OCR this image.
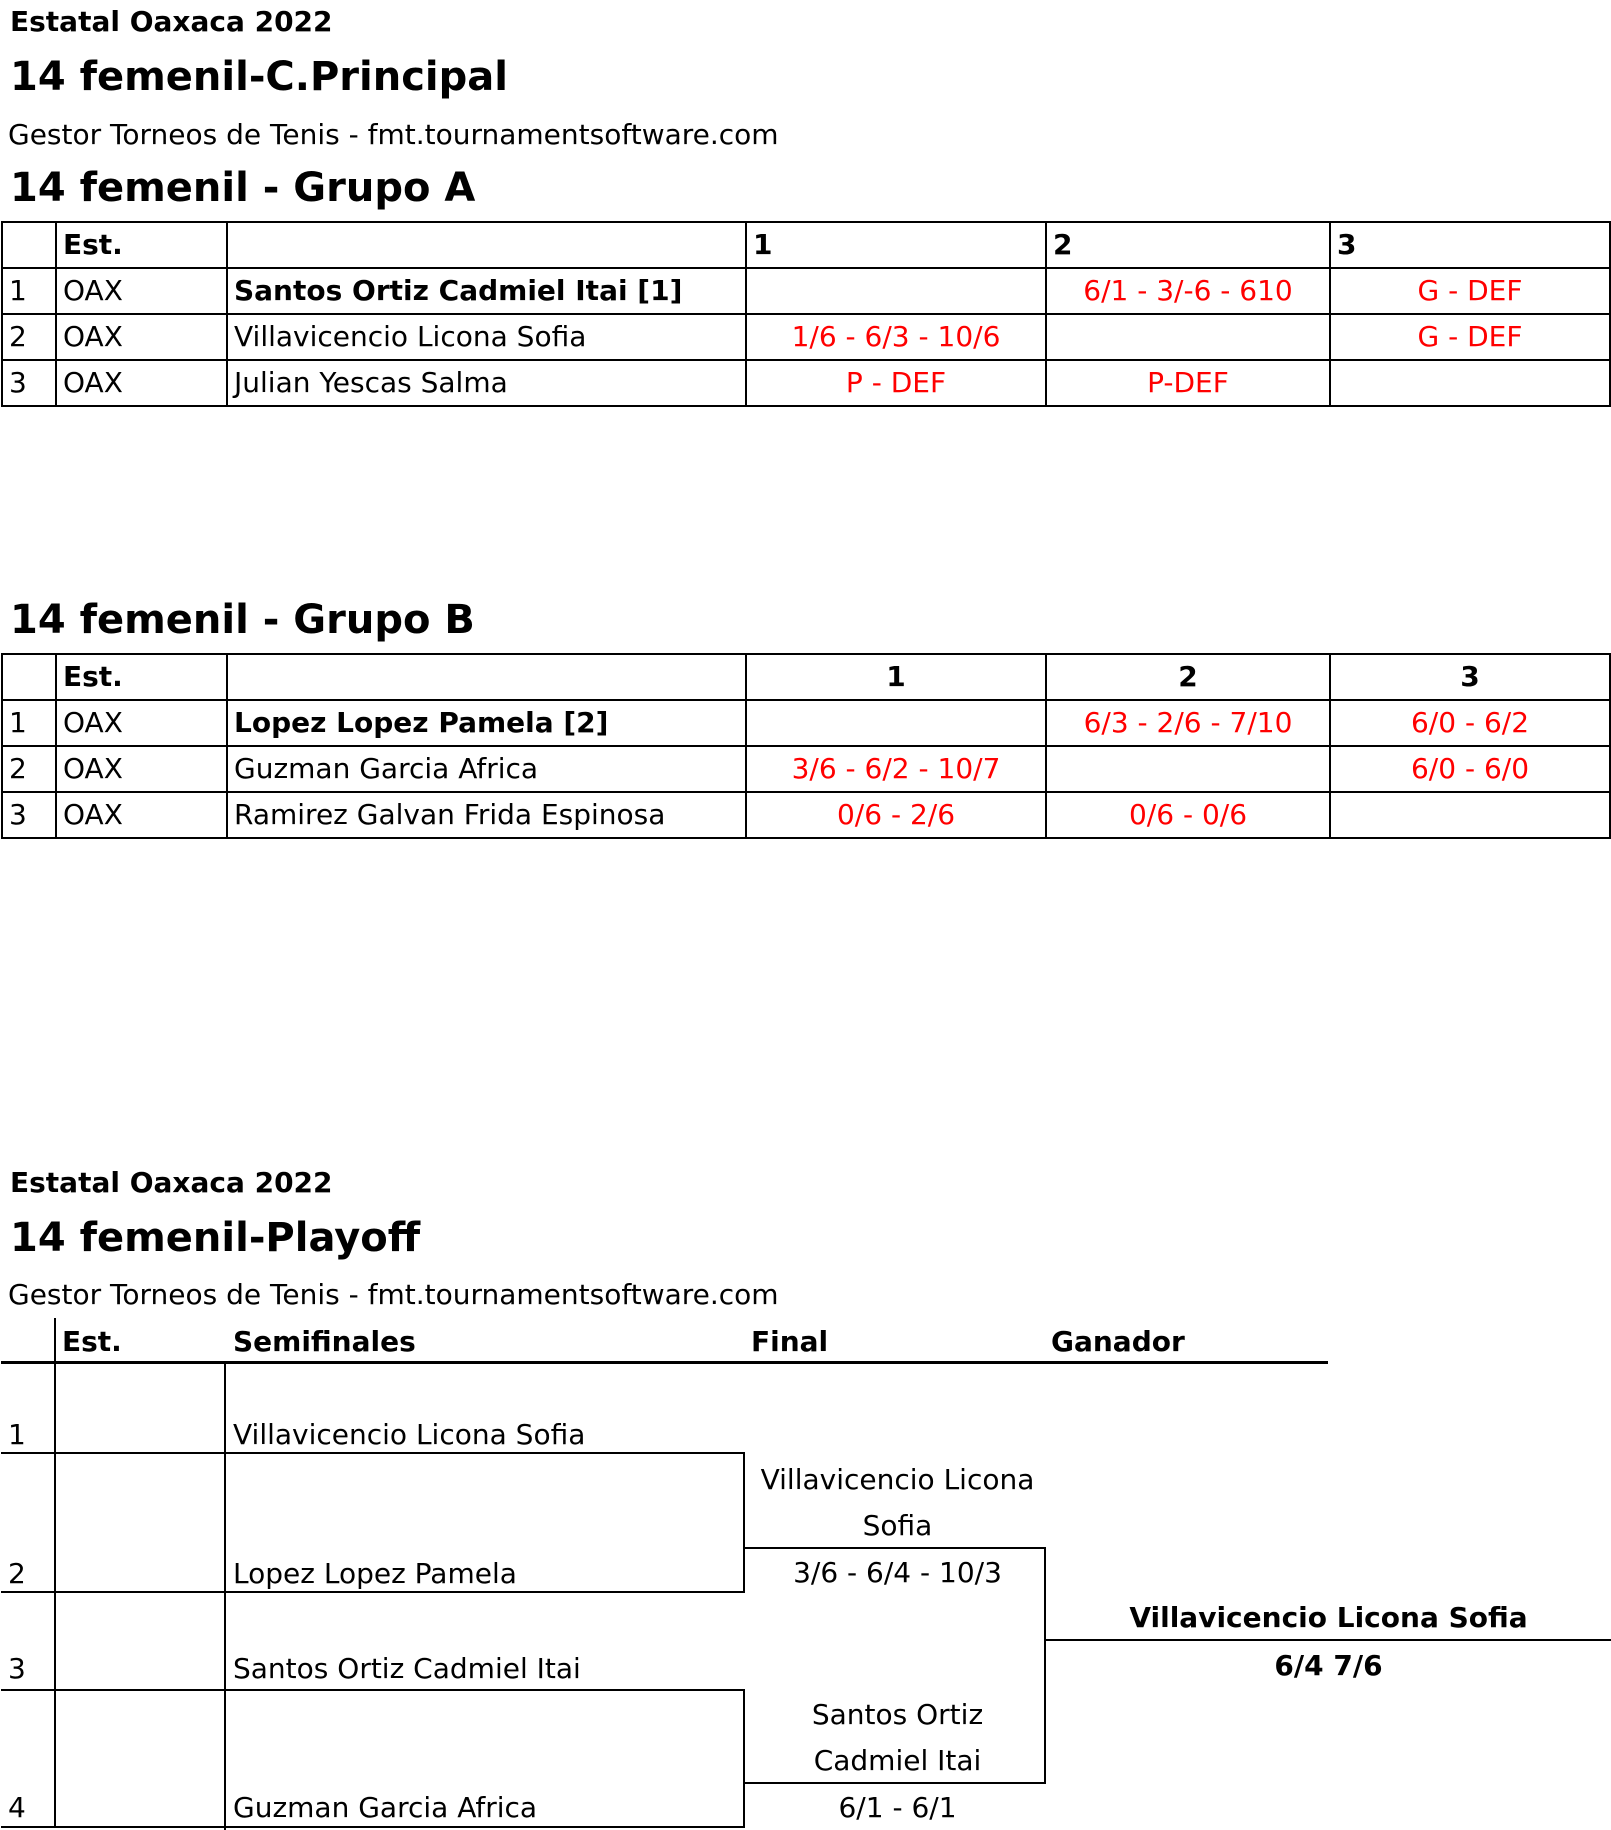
Estatal Oaxaca 2022
14 femenil-C.Principal
Gestor Torneos de Tenis - fmt.tournamentsoftware.com
14 femenil - Grupo A
	Est.		1	2	3
1	OAX	Santos Ortiz Cadmiel Itai [1]		6/1 - 3/-6 - 610	G - DEF
2	OAX	Villavicencio Licona Sofia	1/6 - 6/3 - 10/6		G - DEF
3	OAX	Julian Yescas Salma	P - DEF	P-DEF	
14 femenil - Grupo B
	Est.		1	2	3
1	OAX	Lopez Lopez Pamela [2]		6/3 - 2/6 - 7/10	6/0 - 6/2
2	OAX	Guzman Garcia Africa	3/6 - 6/2 - 10/7		6/0 - 6/0
3	OAX	Ramirez Galvan Frida Espinosa	0/6 - 2/6	0/6 - 0/6	
Estatal Oaxaca 2022
14 femenil-Playoff
Gestor Torneos de Tenis - fmt.tournamentsoftware.com
Est.	Semifinales	Final	Ganador
1	Villavicencio Licona Sofia
2	Lopez Lopez Pamela
3	Santos Ortiz Cadmiel Itai
4	Guzman Garcia Africa
Villavicencio Licona
Sofia
3/6 - 6/4 - 10/3
Santos Ortiz
Cadmiel Itai
6/1 - 6/1
Villavicencio Licona Sofia
6/4 7/6
